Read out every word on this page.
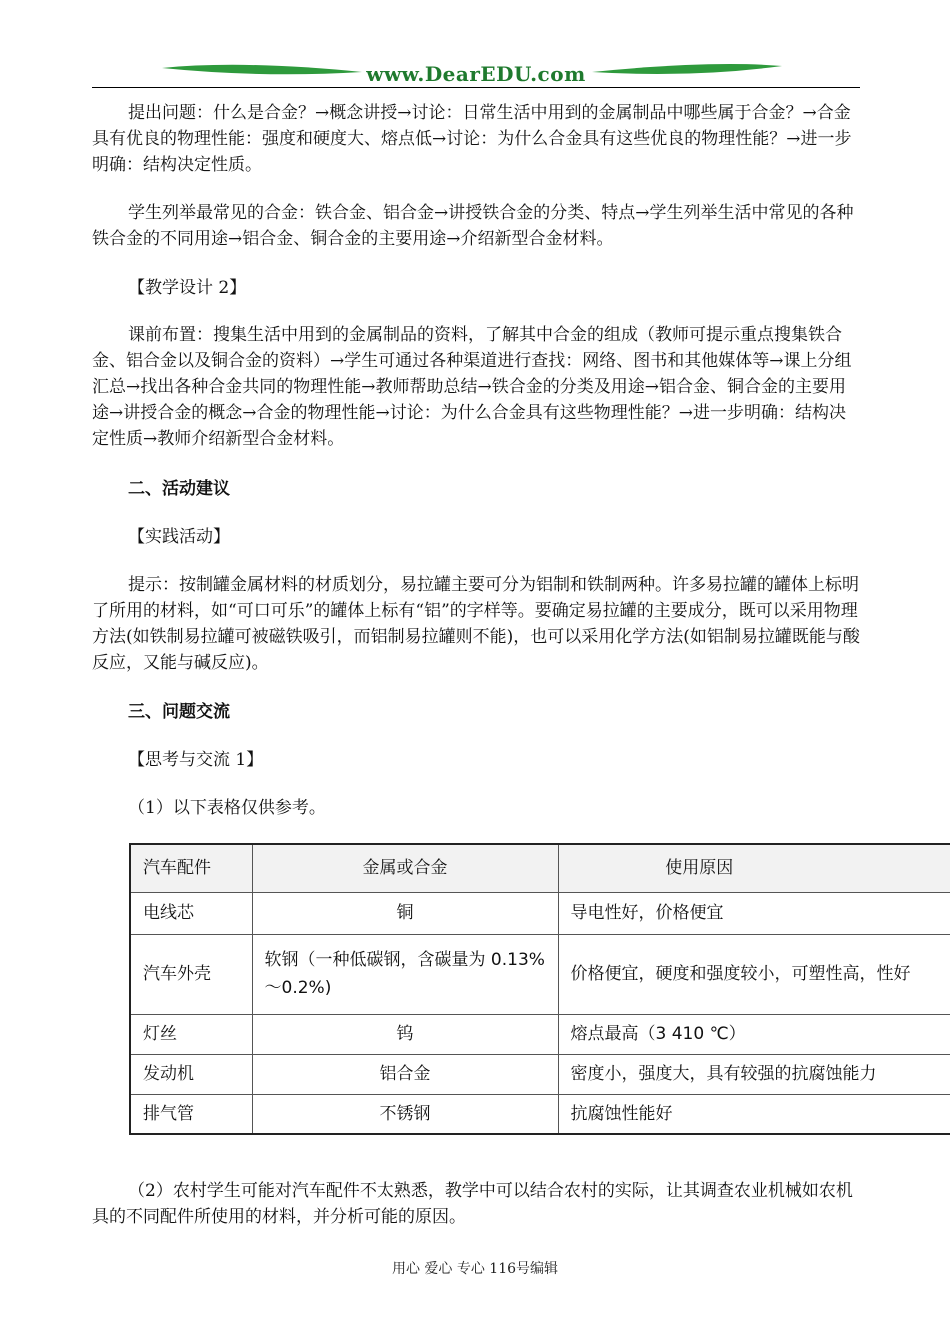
www.DearEDU.com
提出问题：什么是合金？→概念讲授→讨论：日常生活中用到的金属制品中哪些属于合金？→合金具有优良的物理性能：强度和硬度大、熔点低→讨论：为什么合金具有这些优良的物理性能？→进一步明确：结构决定性质。
学生列举最常见的合金：铁合金、铝合金→讲授铁合金的分类、特点→学生列举生活中常见的各种铁合金的不同用途→铝合金、铜合金的主要用途→介绍新型合金材料。
【教学设计 2】
课前布置：搜集生活中用到的金属制品的资料，了解其中合金的组成（教师可提示重点搜集铁合金、铝合金以及铜合金的资料）→学生可通过各种渠道进行查找：网络、图书和其他媒体等→课上分组汇总→找出各种合金共同的物理性能→教师帮助总结→铁合金的分类及用途→铝合金、铜合金的主要用途→讲授合金的概念→合金的物理性能→讨论：为什么合金具有这些物理性能？→进一步明确：结构决定性质→教师介绍新型合金材料。
二、活动建议
【实践活动】
提示：按制罐金属材料的材质划分，易拉罐主要可分为铝制和铁制两种。许多易拉罐的罐体上标明了所用的材料，如“可口可乐”的罐体上标有“铝”的字样等。要确定易拉罐的主要成分，既可以采用物理方法(如铁制易拉罐可被磁铁吸引，而铝制易拉罐则不能)，也可以采用化学方法(如铝制易拉罐既能与酸反应，又能与碱反应)。
三、问题交流
【思考与交流 1】
（1）以下表格仅供参考。
汽车配件	金属或合金	使用原因
电线芯	铜	导电性好，价格便宜
汽车外壳	软钢（一种低碳钢，含碳量为 0.13%～0.2%)	价格便宜，硬度和强度较小，可塑性高，性好
灯丝	钨	熔点最高（3 410 ℃）
发动机	铝合金	密度小，强度大，具有较强的抗腐蚀能力
排气管	不锈钢	抗腐蚀性能好
（2）农村学生可能对汽车配件不太熟悉，教学中可以结合农村的实际，让其调查农业机械如农机具的不同配件所使用的材料，并分析可能的原因。
用心 爱心 专心 116号编辑
